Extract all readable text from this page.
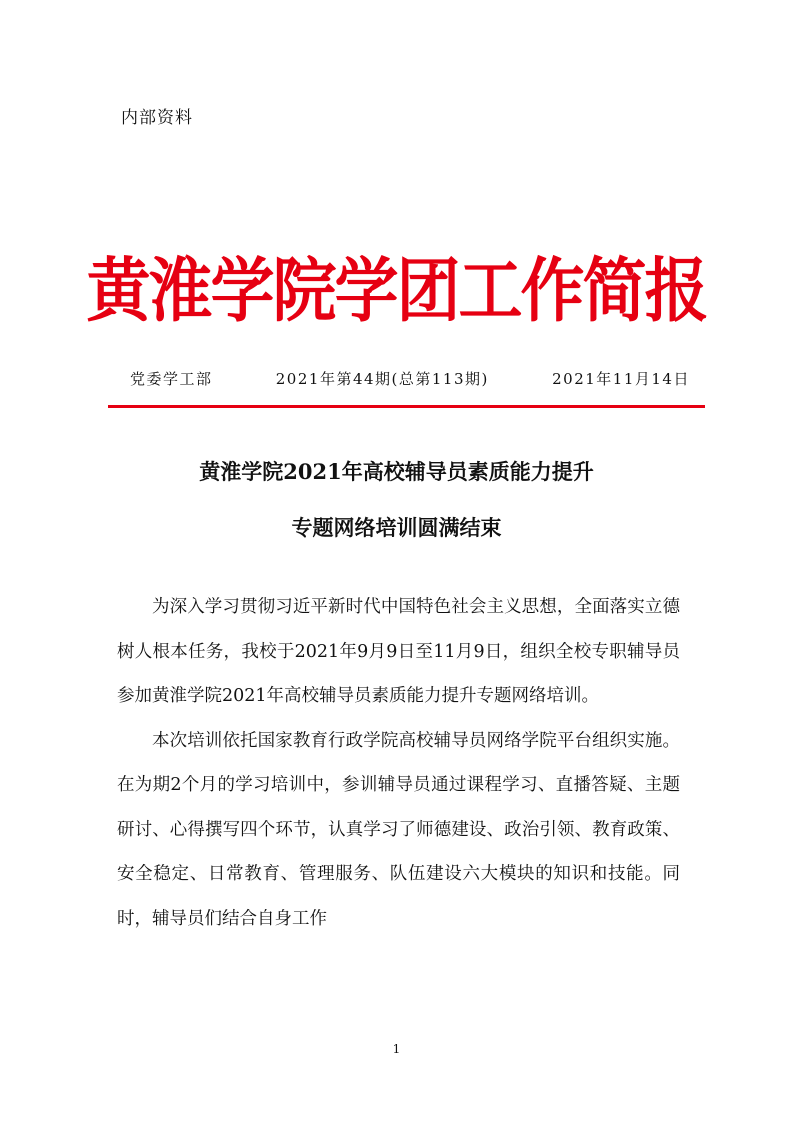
内部资料
黄淮学院学团工作简报
党委学工部	2021年第44期(总第113期)	2021年11月14日
黄淮学院2021年高校辅导员素质能力提升
专题网络培训圆满结束

为深入学习贯彻习近平新时代中国特色社会主义思想，全面落实立德树人根本任务，我校于2021年9月9日至11月9日，组织全校专职辅导员参加黄淮学院2021年高校辅导员素质能力提升专题网络培训。

本次培训依托国家教育行政学院高校辅导员网络学院平台组织实施。在为期2个月的学习培训中，参训辅导员通过课程学习、直播答疑、主题研讨、心得撰写四个环节，认真学习了师德建设、政治引领、教育政策、安全稳定、日常教育、管理服务、队伍建设六大模块的知识和技能。同时，辅导员们结合自身工作

1
